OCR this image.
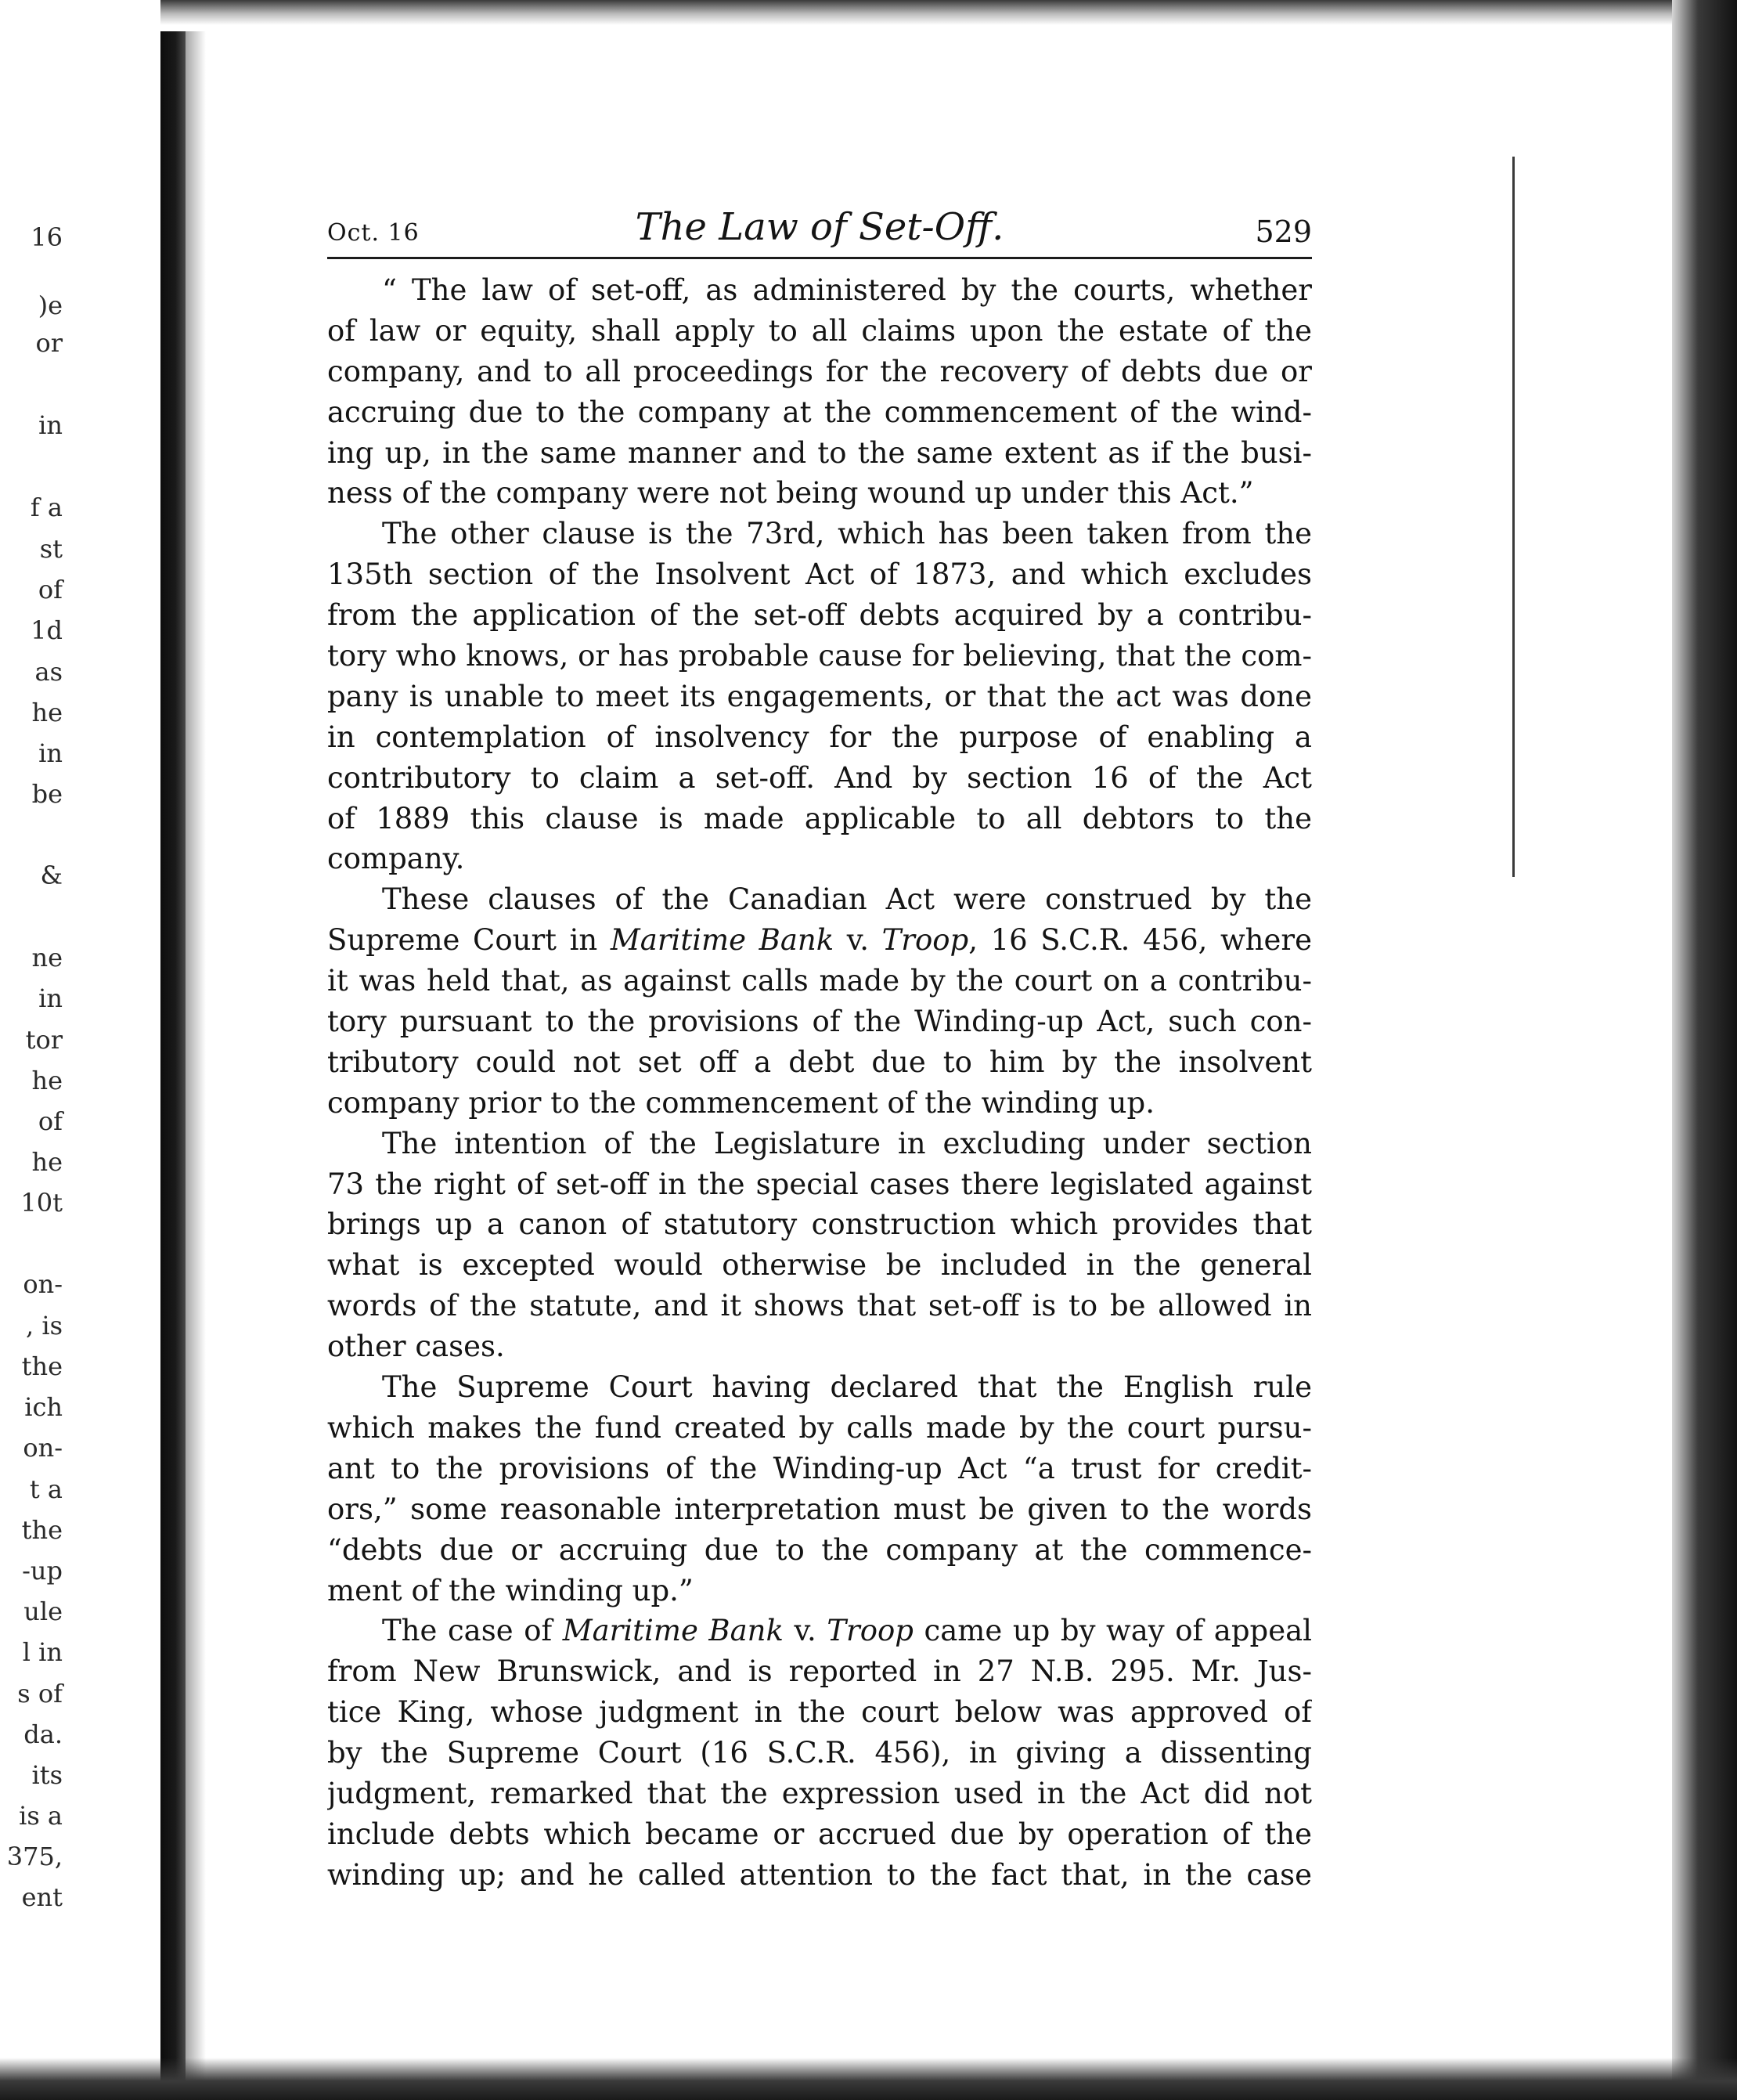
16
)e
or
in
f a
st
of
1d
as
he
in
be
&
ne
in
tor
he
of
he
10t
on-
, is
the
ich
on-
t a
the
-up
ule
l in
s of
da.
its
is a
375,
ent
Oct. 16	The Law of Set-Off.	529
“ The law of set-off, as administered by the courts, whether
of law or equity, shall apply to all claims upon the estate of the
company, and to all proceedings for the recovery of debts due or
accruing due to the company at the commencement of the wind-
ing up, in the same manner and to the same extent as if the busi-
ness of the company were not being wound up under this Act.”
The other clause is the 73rd, which has been taken from the
135th section of the Insolvent Act of 1873, and which excludes
from the application of the set-off debts acquired by a contribu-
tory who knows, or has probable cause for believing, that the com-
pany is unable to meet its engagements, or that the act was done
in contemplation of insolvency for the purpose of enabling a
contributory to claim a set-off. And by section 16 of the Act
of 1889 this clause is made applicable to all debtors to the
company.
These clauses of the Canadian Act were construed by the
Supreme Court in Maritime Bank v. Troop, 16 S.C.R. 456, where
it was held that, as against calls made by the court on a contribu-
tory pursuant to the provisions of the Winding-up Act, such con-
tributory could not set off a debt due to him by the insolvent
company prior to the commencement of the winding up.
The intention of the Legislature in excluding under section
73 the right of set-off in the special cases there legislated against
brings up a canon of statutory construction which provides that
what is excepted would otherwise be included in the general
words of the statute, and it shows that set-off is to be allowed in
other cases.
The Supreme Court having declared that the English rule
which makes the fund created by calls made by the court pursu-
ant to the provisions of the Winding-up Act “a trust for credit-
ors,” some reasonable interpretation must be given to the words
“debts due or accruing due to the company at the commence-
ment of the winding up.”
The case of Maritime Bank v. Troop came up by way of appeal
from New Brunswick, and is reported in 27 N.B. 295. Mr. Jus-
tice King, whose judgment in the court below was approved of
by the Supreme Court (16 S.C.R. 456), in giving a dissenting
judgment, remarked that the expression used in the Act did not
include debts which became or accrued due by operation of the
winding up; and he called attention to the fact that, in the case
